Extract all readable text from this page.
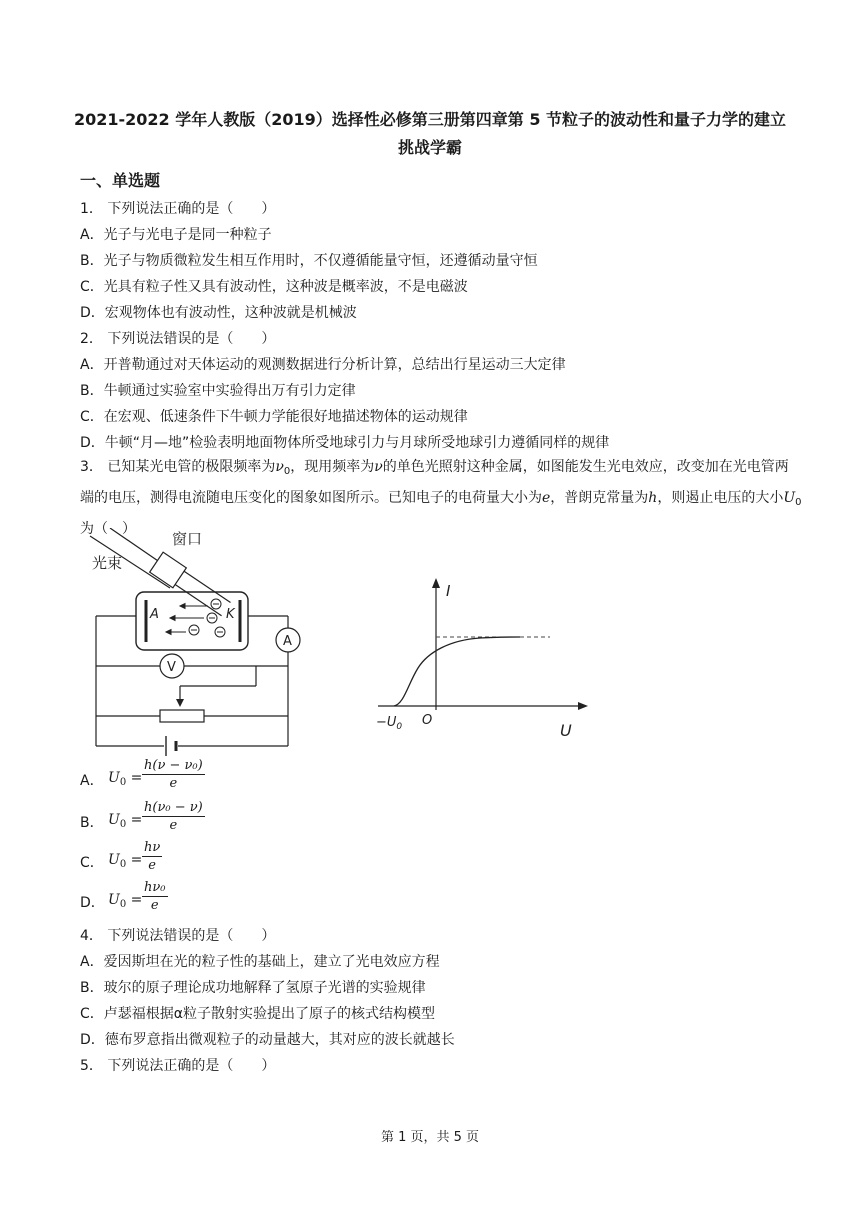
2021-2022 学年人教版（2019）选择性必修第三册第四章第 5 节粒子的波动性和量子力学的建立
挑战学霸
一、单选题
1． 下列说法正确的是（　　）
A．光子与光电子是同一种粒子
B．光子与物质微粒发生相互作用时，不仅遵循能量守恒，还遵循动量守恒
C．光具有粒子性又具有波动性，这种波是概率波，不是电磁波
D．宏观物体也有波动性，这种波就是机械波
2． 下列说法错误的是（　　）
A．开普勒通过对天体运动的观测数据进行分析计算，总结出行星运动三大定律
B．牛顿通过实验室中实验得出万有引力定律
C．在宏观、低速条件下牛顿力学能很好地描述物体的运动规律
D．牛顿“月—地”检验表明地面物体所受地球引力与月球所受地球引力遵循同样的规律
3． 已知某光电管的极限频率为$\nu_0$，现用频率为ν的单色光照射这种金属，如图能发生光电效应，改变加在光电管两端的电压，测得电流随电压变化的图象如图所示。已知电子的电荷量大小为e，普朗克常量为h，则遏止电压的大小$U_0$为（　）
光束
窗口
A	K
A
V
I
U
O
$-U_0$
A． $U_0 = \frac{\text{h(ν − ν₀)}}{e}$
B． $U_0 = \frac{\text{h(ν₀ − ν)}}{e}$
C． $U_0 = \frac{h\nu}{e}$
D． $U_0 = \frac{\text{hν₀}}{e}$
4． 下列说法错误的是（　　）
A．爱因斯坦在光的粒子性的基础上，建立了光电效应方程
B．玻尔的原子理论成功地解释了氢原子光谱的实验规律
C．卢瑟福根据α粒子散射实验提出了原子的核式结构模型
D．德布罗意指出微观粒子的动量越大，其对应的波长就越长
5． 下列说法正确的是（　　）
第 1 页，共 5 页
